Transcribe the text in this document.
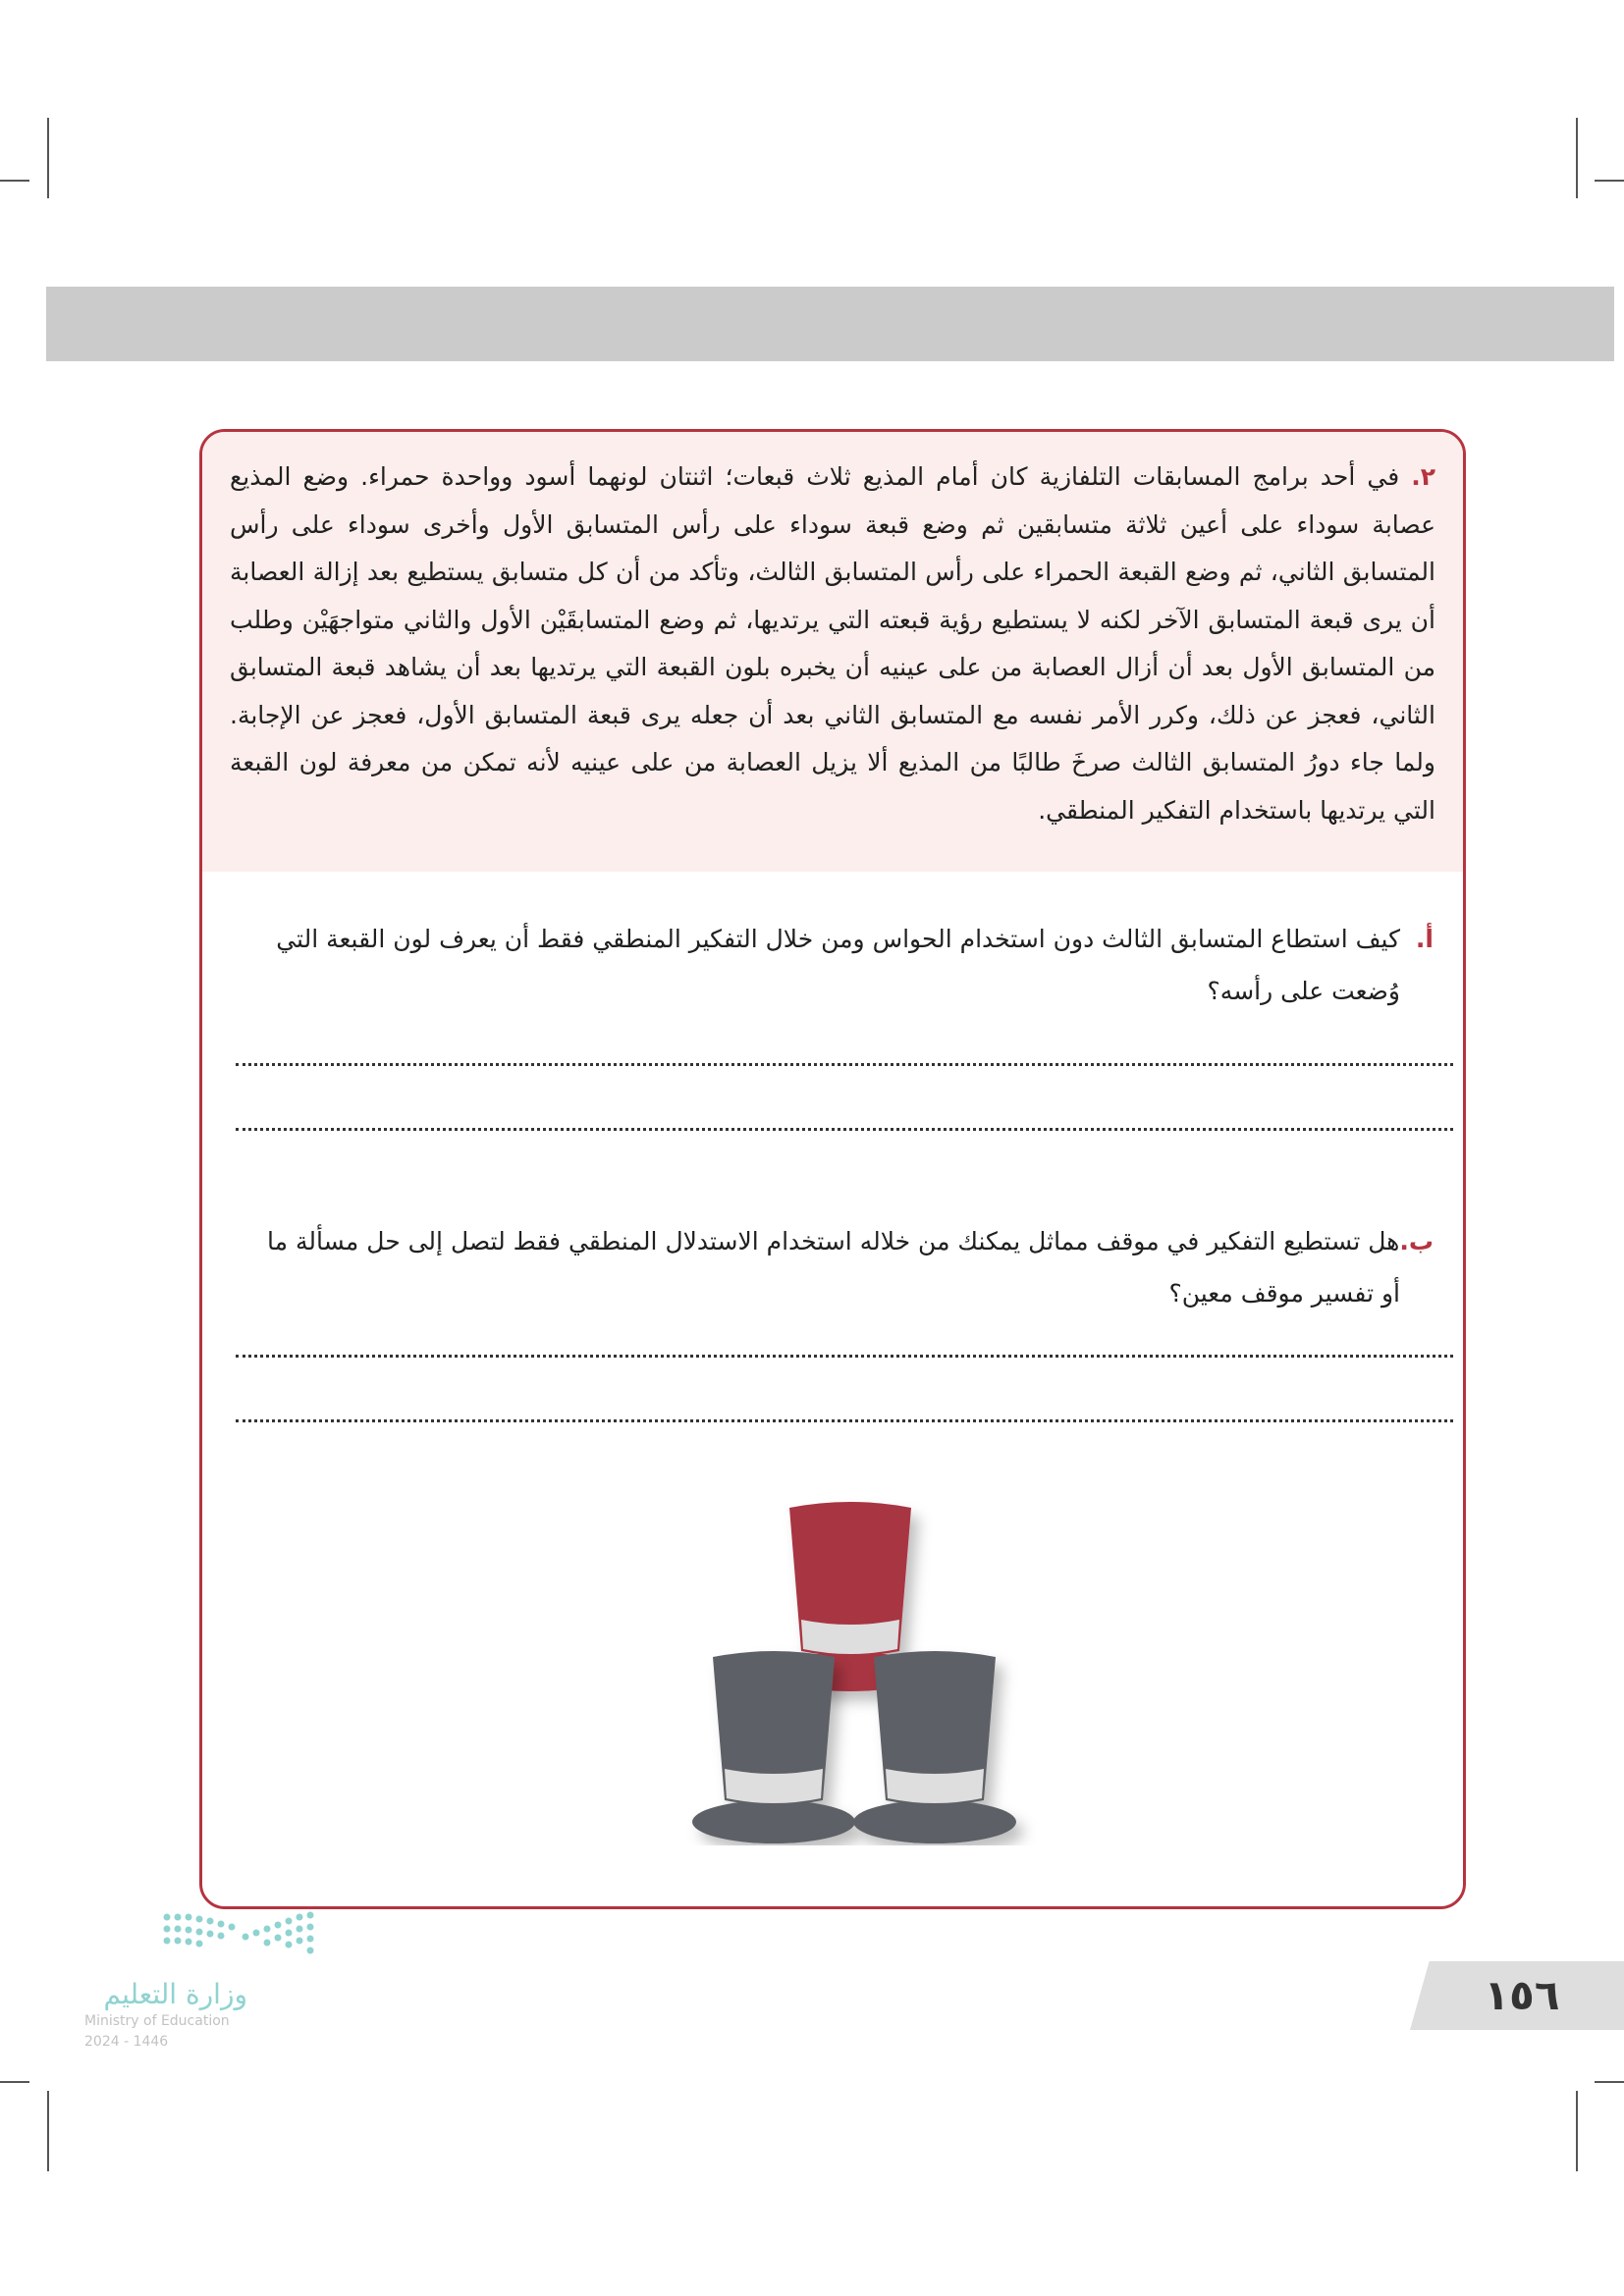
٢. في أحد برامج المسابقات التلفازية كان أمام المذيع ثلاث قبعات؛ اثنتان لونهما أسود وواحدة حمراء. وضع المذيع عصابة سوداء على أعين ثلاثة متسابقين ثم وضع قبعة سوداء على رأس المتسابق الأول وأخرى سوداء على رأس المتسابق الثاني، ثم وضع القبعة الحمراء على رأس المتسابق الثالث، وتأكد من أن كل متسابق يستطيع بعد إزالة العصابة أن يرى قبعة المتسابق الآخر لكنه لا يستطيع رؤية قبعته التي يرتديها، ثم وضع المتسابقَيْن الأول والثاني متواجهَيْن وطلب من المتسابق الأول بعد أن أزال العصابة من على عينيه أن يخبره بلون القبعة التي يرتديها بعد أن يشاهد قبعة المتسابق الثاني، فعجز عن ذلك، وكرر الأمر نفسه مع المتسابق الثاني بعد أن جعله يرى قبعة المتسابق الأول، فعجز عن الإجابة. ولما جاء دورُ المتسابق الثالث صرخَ طالبًا من المذيع ألا يزيل العصابة من على عينيه لأنه تمكن من معرفة لون القبعة التي يرتديها باستخدام التفكير المنطقي.

أ.كيف استطاع المتسابق الثالث دون استخدام الحواس ومن خلال التفكير المنطقي فقط أن يعرف لون القبعة التي
وُضعت على رأسه؟
ب.هل تستطيع التفكير في موقف مماثل يمكنك من خلاله استخدام الاستدلال المنطقي فقط لتصل إلى حل مسألة ما
أو تفسير موقف معين؟
١٥٦
وزارة التعليم
Ministry of Education
2024 - 1446
